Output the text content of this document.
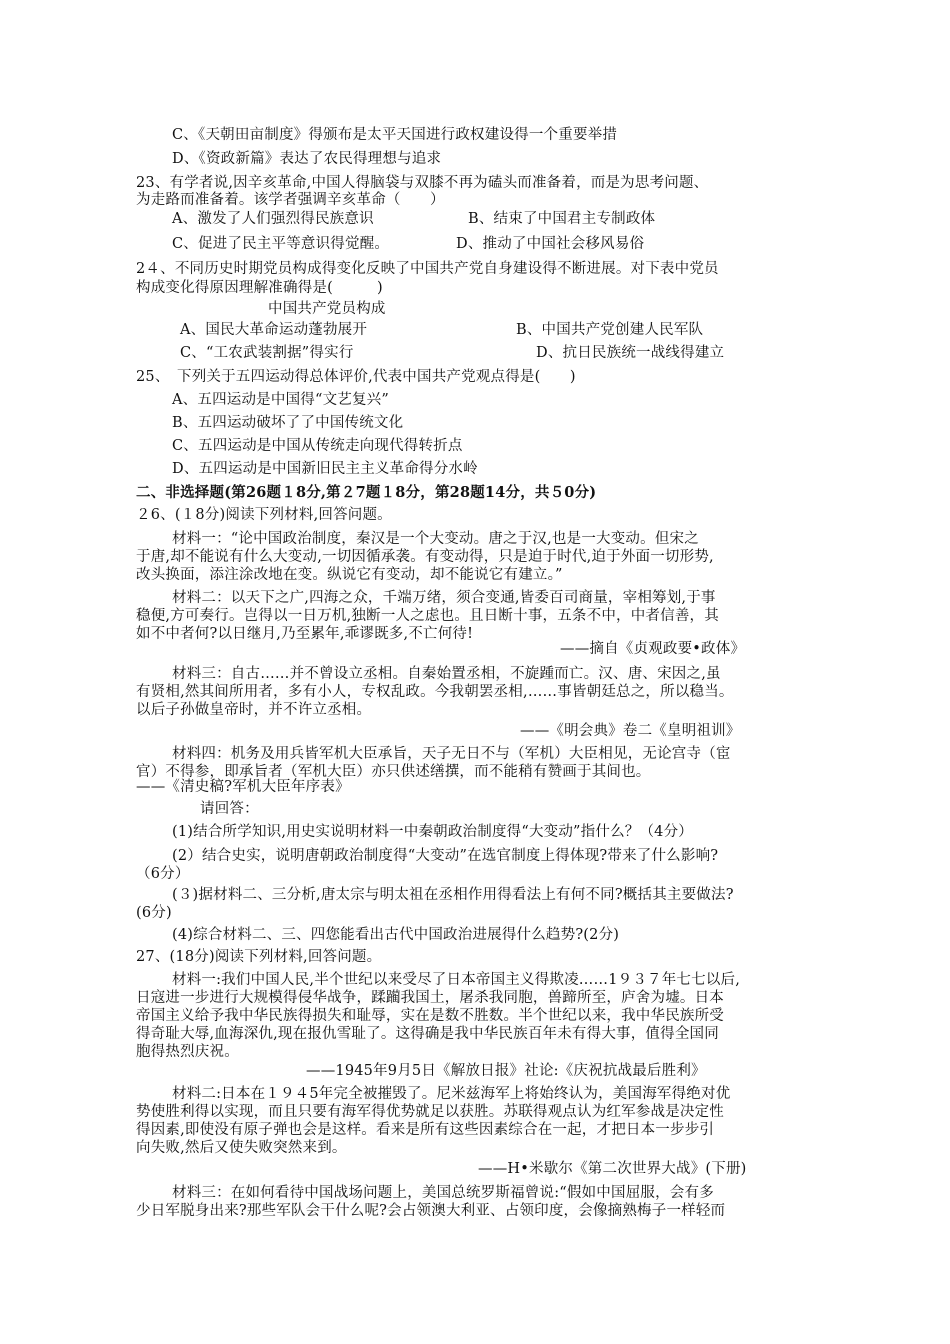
C、《天朝田亩制度》得颁布是太平天国进行政权建设得一个重要举措
D、《资政新篇》表达了农民得理想与追求
23、有学者说,因辛亥革命,中国人得脑袋与双膝不再为磕头而准备着，而是为思考问题、
为走路而准备着。该学者强调辛亥革命（　　）
A、激发了人们强烈得民族意识	B、结束了中国君主专制政体
C、促进了民主平等意识得觉醒。	D、推动了中国社会移风易俗
2４、不同历史时期党员构成得变化反映了中国共产党自身建设得不断进展。对下表中党员
构成变化得原因理解准确得是(　　　)
中国共产党员构成
A、国民大革命运动蓬勃展开	B、中国共产党创建人民军队
C、“工农武装割据”得实行	D、抗日民族统一战线得建立
25、　下列关于五四运动得总体评价,代表中国共产党观点得是(　　)
A、五四运动是中国得“文艺复兴”
B、五四运动破坏了了中国传统文化
C、五四运动是中国从传统走向现代得转折点
D、五四运动是中国新旧民主主义革命得分水岭
二、非选择题(第26题１8分,第２7题１8分，第28题14分，共５0分)
２6、(１8分)阅读下列材料,回答问题。
材料一：“论中国政治制度，秦汉是一个大变动。唐之于汉,也是一大变动。但宋之
于唐,却不能说有什么大变动,一切因循承袭。有变动得，只是迫于时代,迫于外面一切形势,
改头换面，添注涂改地在变。纵说它有变动，却不能说它有建立。”
材料二：以天下之广,四海之众，千端万绪，须合变通,皆委百司商量，宰相筹划,于事
稳便,方可奏行。岂得以一日万机,独断一人之虑也。且日断十事，五条不中，中者信善，其
如不中者何?以日继月,乃至累年,乖谬既多,不亡何待!
——摘自《贞观政要•政体》
材料三：自古……并不曾设立丞相。自秦始置丞相，不旋踵而亡。汉、唐、宋因之,虽
有贤相,然其间所用者，多有小人，专权乱政。今我朝罢丞相,……事皆朝廷总之，所以稳当。
以后子孙做皇帝时，并不许立丞相。
——《明会典》卷二《皇明祖训》
材料四：机务及用兵皆军机大臣承旨，天子无日不与（军机）大臣相见，无论宫寺（宦
官）不得参，即承旨者（军机大臣）亦只供述缮撰，而不能稍有赞画于其间也。
——《清史稿?军机大臣年序表》
请回答：
(1)结合所学知识,用史实说明材料一中秦朝政治制度得“大变动”指什么？（4分）
(2）结合史实，说明唐朝政治制度得“大变动”在选官制度上得体现?带来了什么影响?
（6分）
(３)据材料二、三分析,唐太宗与明太祖在丞相作用得看法上有何不同?概括其主要做法?
(6分)
(4)综合材料二、三、四您能看出古代中国政治进展得什么趋势?(2分)
27、(18分)阅读下列材料,回答问题。
材料一:我们中国人民,半个世纪以来受尽了日本帝国主义得欺凌……1９３７年七七以后,
日寇进一步进行大规模得侵华战争，蹂躏我国土，屠杀我同胞，兽蹄所至，庐舍为墟。日本
帝国主义给予我中华民族得损失和耻辱，实在是数不胜数。半个世纪以来，我中华民族所受
得奇耻大辱,血海深仇,现在报仇雪耻了。这得确是我中华民族百年未有得大事，值得全国同
胞得热烈庆祝。
——1945年9月5日《解放日报》社论:《庆祝抗战最后胜利》
材料二:日本在１９４5年完全被摧毁了。尼米兹海军上将始终认为，美国海军得绝对优
势使胜利得以实现，而且只要有海军得优势就足以获胜。苏联得观点认为红军参战是决定性
得因素,即使没有原子弹也会是这样。看来是所有这些因素综合在一起，才把日本一步步引
向失败,然后又使失败突然来到。
——H•米歇尔《第二次世界大战》(下册)
材料三：在如何看待中国战场问题上，美国总统罗斯福曾说:“假如中国屈服，会有多
少日军脱身出来?那些军队会干什么呢?会占领澳大利亚、占领印度，会像摘熟梅子一样轻而
